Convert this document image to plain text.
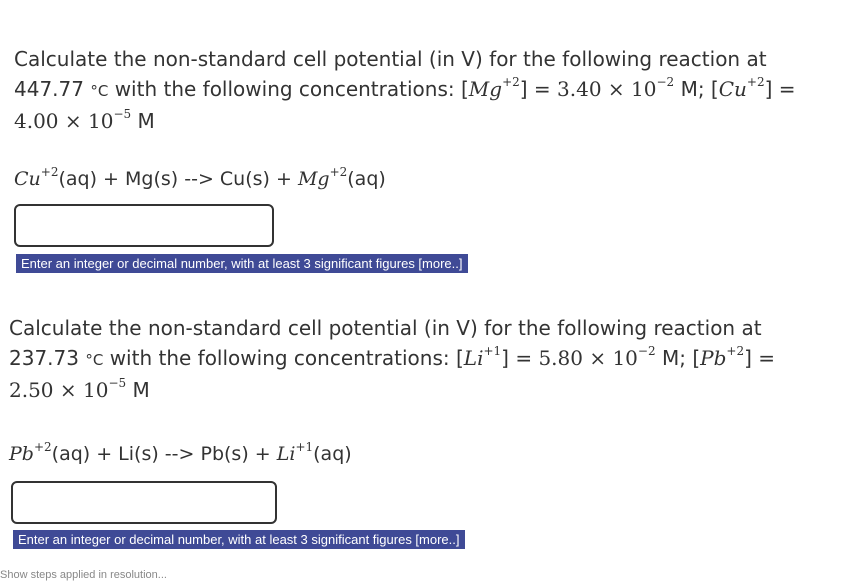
Calculate the non-standard cell potential (in V) for the following reaction at
447.77 °C with the following concentrations: $[Mg^{+2}] = 3.40 \times 10^{-2}$ M; $[Cu^{+2}]$ =
$4.00 \times 10^{-5}$ M

$Cu^{+2}(aq) + Mg(s)$ --> $Cu(s) + Mg^{+2}(aq)$

Enter an integer or decimal number, with at least 3 significant figures [more..]

Calculate the non-standard cell potential (in V) for the following reaction at
237.73 °C with the following concentrations: $[Li^{+1}] = 5.80 \times 10^{-2}$ M; $[Pb^{+2}]$ =
$2.50 \times 10^{-5}$ M

$Pb^{+2}(aq) + Li(s)$ --> $Pb(s) + Li^{+1}(aq)$

Enter an integer or decimal number, with at least 3 significant figures [more..]
Show steps applied in resolution...
